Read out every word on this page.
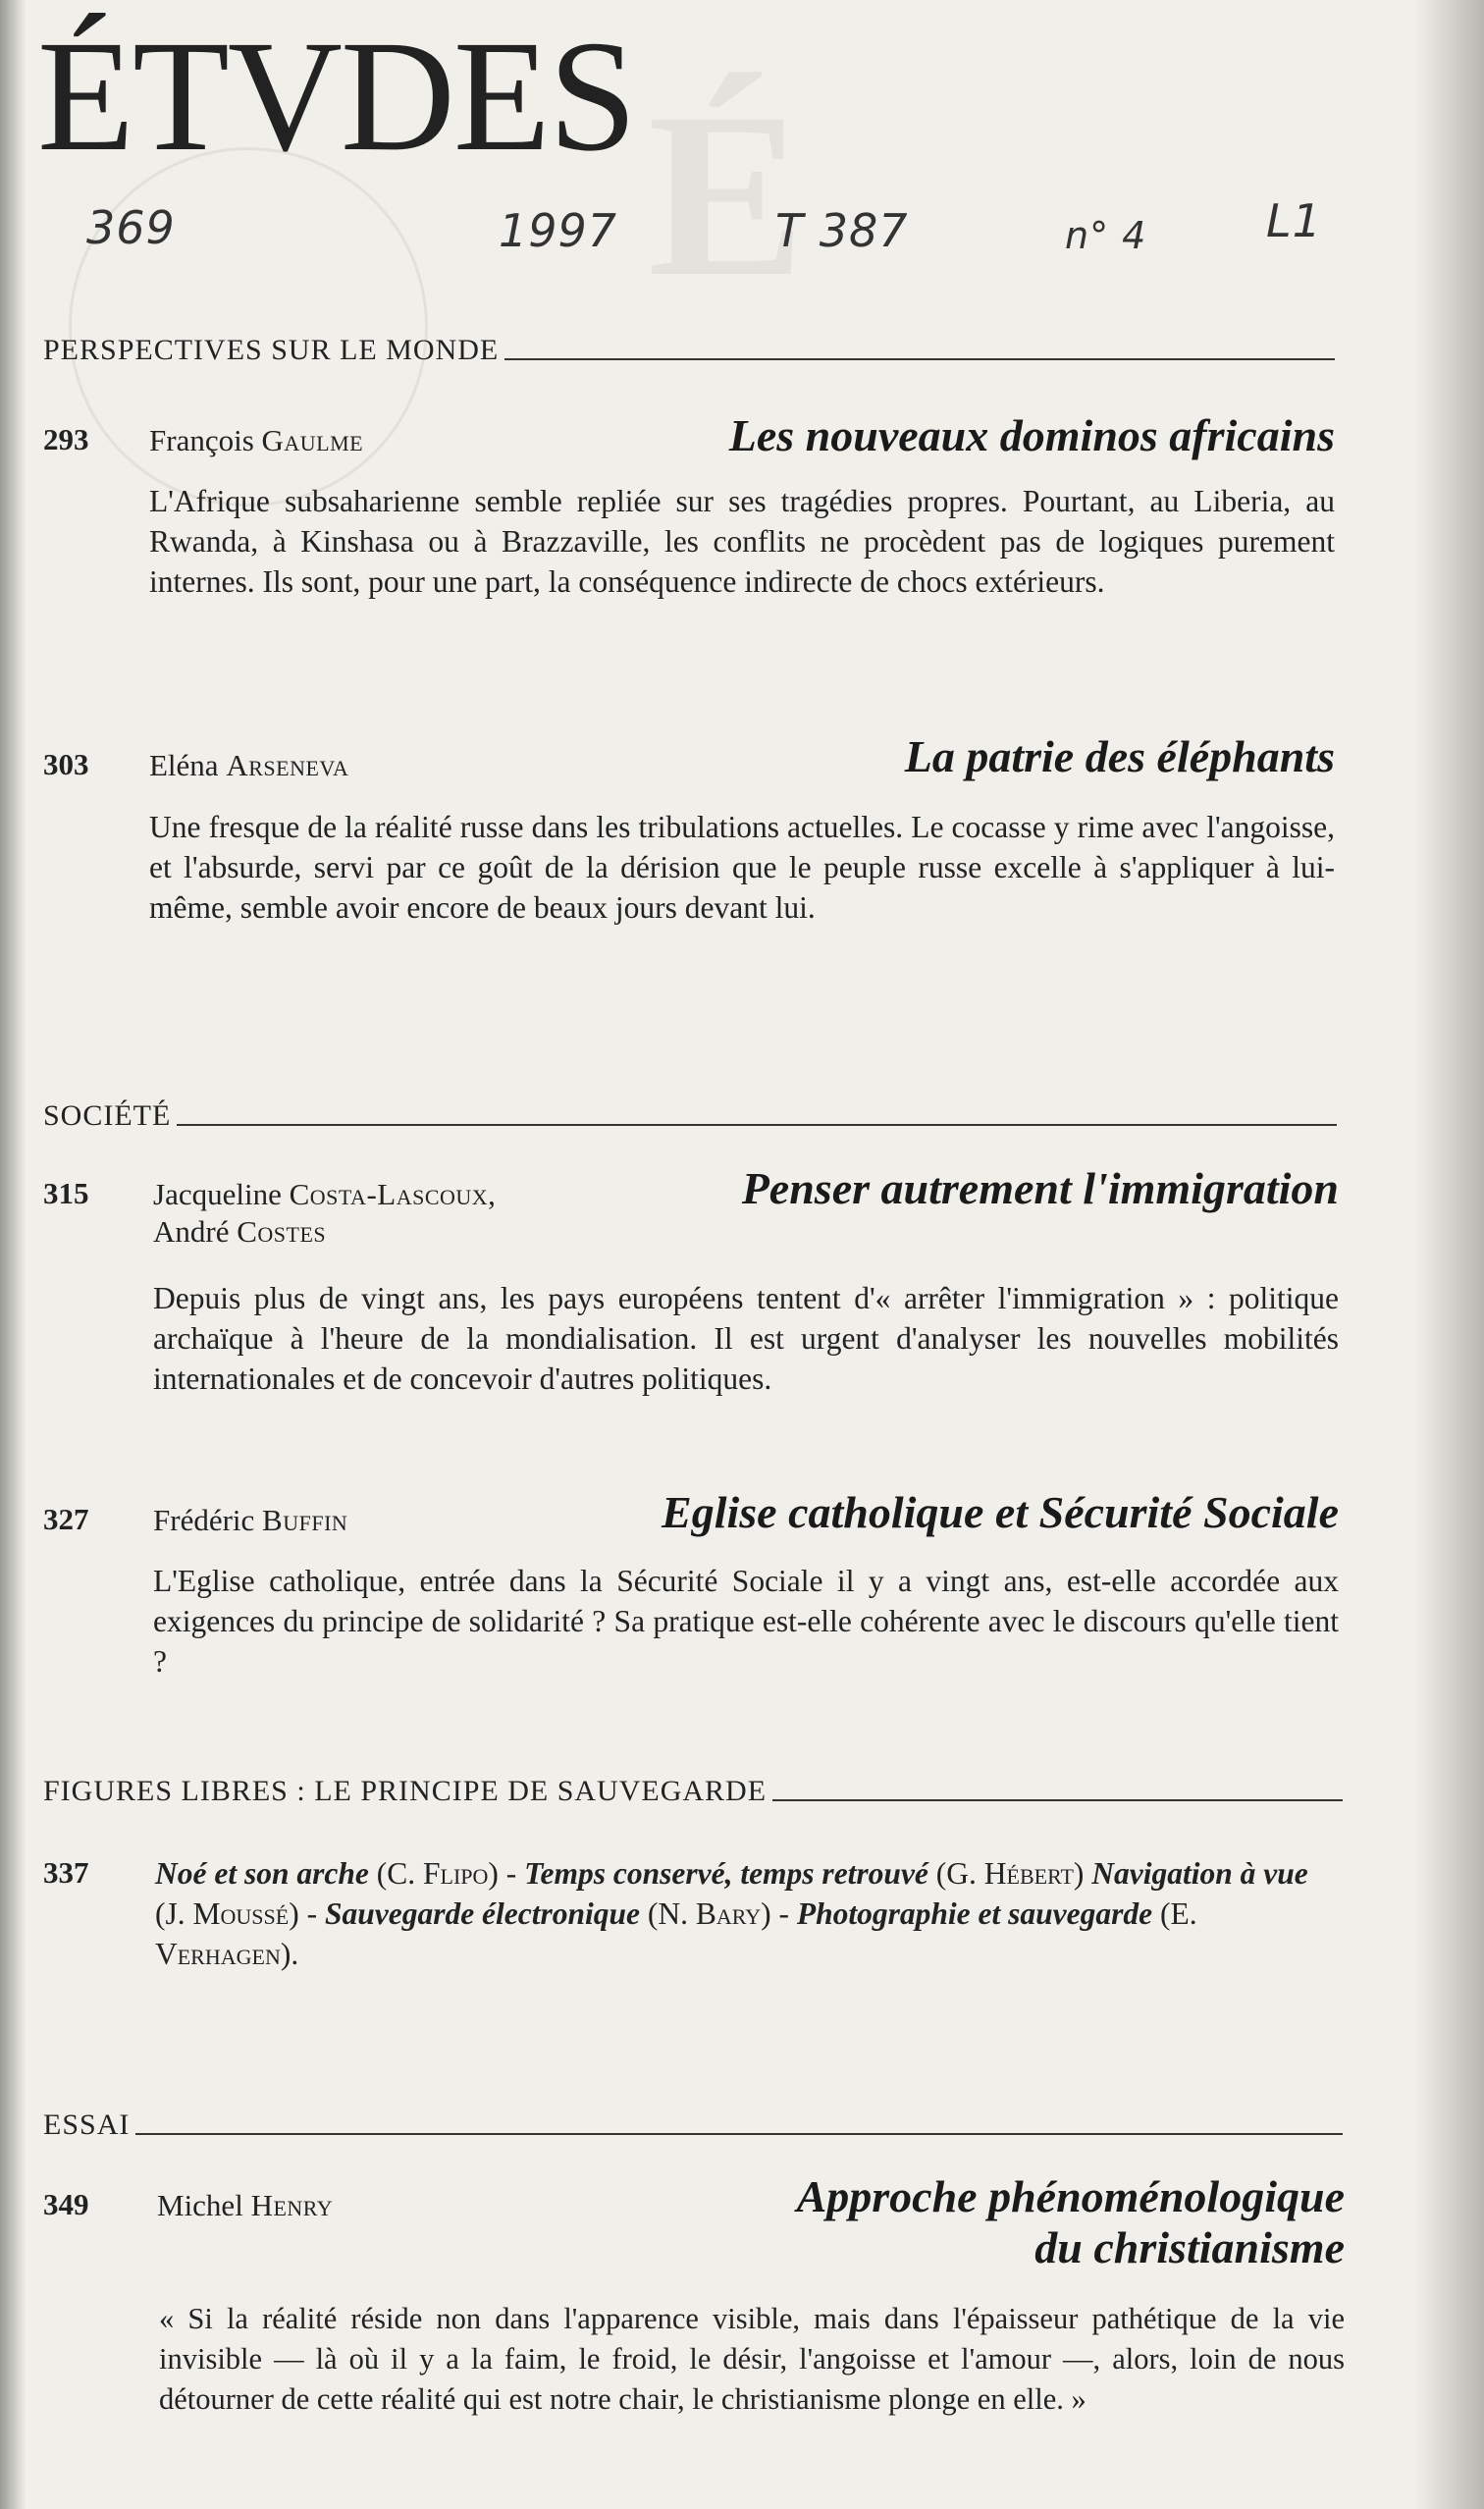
É
ÉTVDES
369	1997	T 387	n° 4	L1
PERSPECTIVES SUR LE MONDE
293 François Gaulme	Les nouveaux dominos africains
L'Afrique subsaharienne semble repliée sur ses tragédies propres. Pourtant, au Liberia, au Rwanda, à Kinshasa ou à Brazzaville, les conflits ne procèdent pas de logiques purement internes. Ils sont, pour une part, la conséquence indirecte de chocs extérieurs.
303 Eléna Arseneva	La patrie des éléphants
Une fresque de la réalité russe dans les tribulations actuelles. Le cocasse y rime avec l'angoisse, et l'absurde, servi par ce goût de la dérision que le peuple russe excelle à s'appliquer à lui-même, semble avoir encore de beaux jours devant lui.
SOCIÉTÉ
315 Jacqueline Costa-Lascoux,
André Costes
Penser autrement l'immigration
Depuis plus de vingt ans, les pays européens tentent d'« arrêter l'immigration » : politique archaïque à l'heure de la mondialisation. Il est urgent d'analyser les nouvelles mobilités internationales et de concevoir d'autres politiques.
327 Frédéric Buffin	Eglise catholique et Sécurité Sociale
L'Eglise catholique, entrée dans la Sécurité Sociale il y a vingt ans, est-elle accordée aux exigences du principe de solidarité ? Sa pratique est-elle cohérente avec le discours qu'elle tient ?
FIGURES LIBRES : LE PRINCIPE DE SAUVEGARDE
337 Noé et son arche (C. Flipo) - Temps conservé, temps retrouvé (G. Hébert) Navigation à vue (J. Moussé) - Sauvegarde électronique (N. Bary) - Photographie et sauvegarde (E. Verhagen).
ESSAI
349 Michel Henry	Approche phénoménologique
du christianisme
« Si la réalité réside non dans l'apparence visible, mais dans l'épaisseur pathétique de la vie invisible — là où il y a la faim, le froid, le désir, l'angoisse et l'amour —, alors, loin de nous détourner de cette réalité qui est notre chair, le christianisme plonge en elle. »
